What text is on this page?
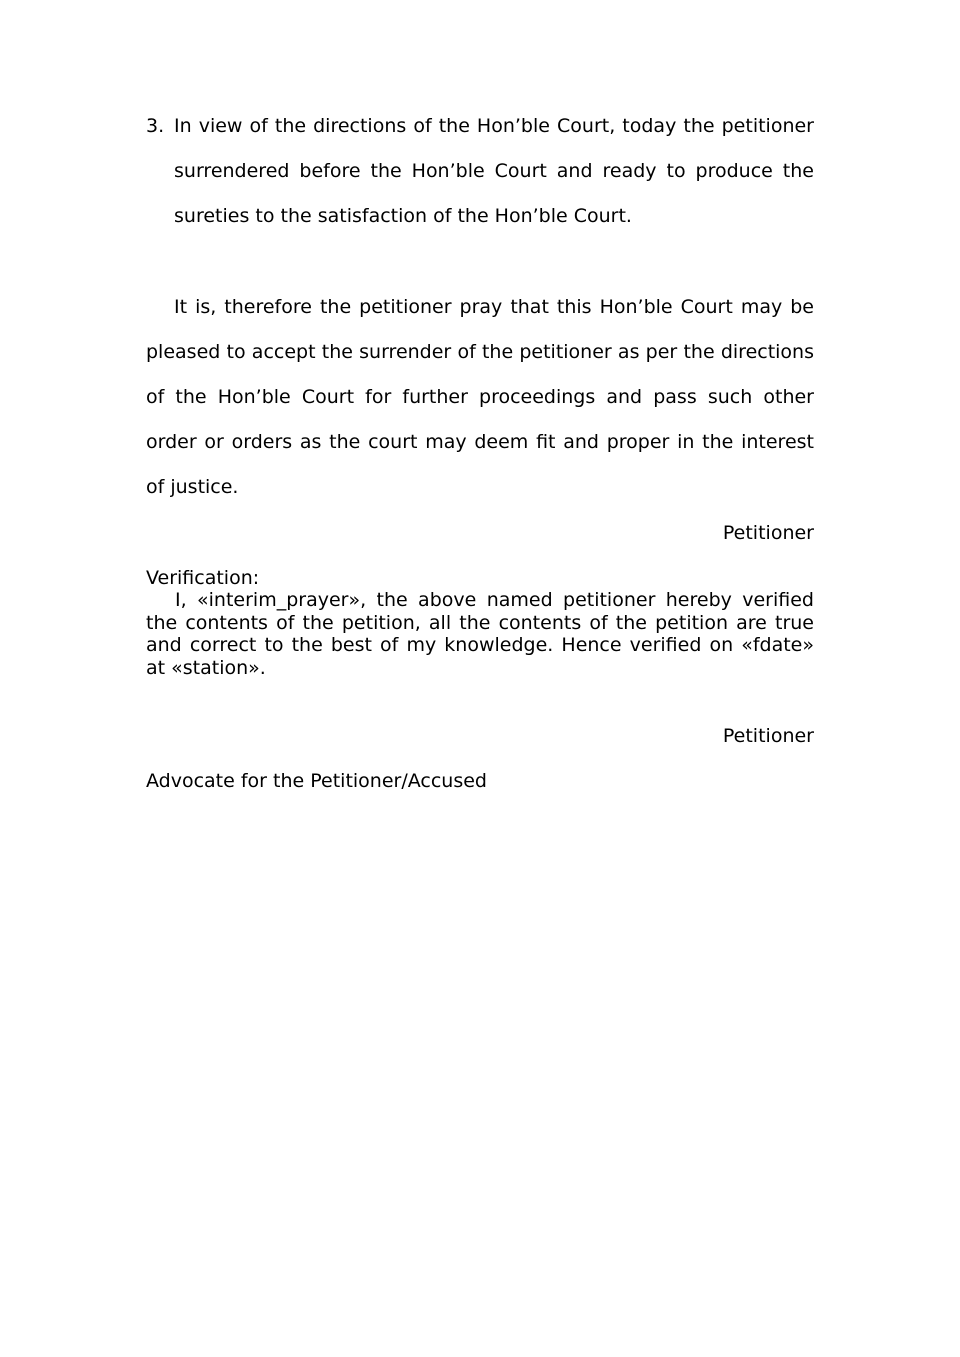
3. In view of the directions of the Hon’ble Court, today the petitioner surrendered before the Hon’ble Court and ready to produce the sureties to the satisfaction of the Hon’ble Court.
It is, therefore the petitioner pray that this Hon’ble Court may be pleased to accept the surrender of the petitioner as per the directions of the Hon’ble Court for further proceedings and pass such other order or orders as the court may deem fit and proper in the interest of justice.
Petitioner
Verification:
I, «interim_prayer», the above named petitioner hereby verified the contents of the petition, all the contents of the petition are true and correct to the best of my knowledge. Hence verified on «fdate» at «station».
Petitioner
Advocate for the Petitioner/Accused
